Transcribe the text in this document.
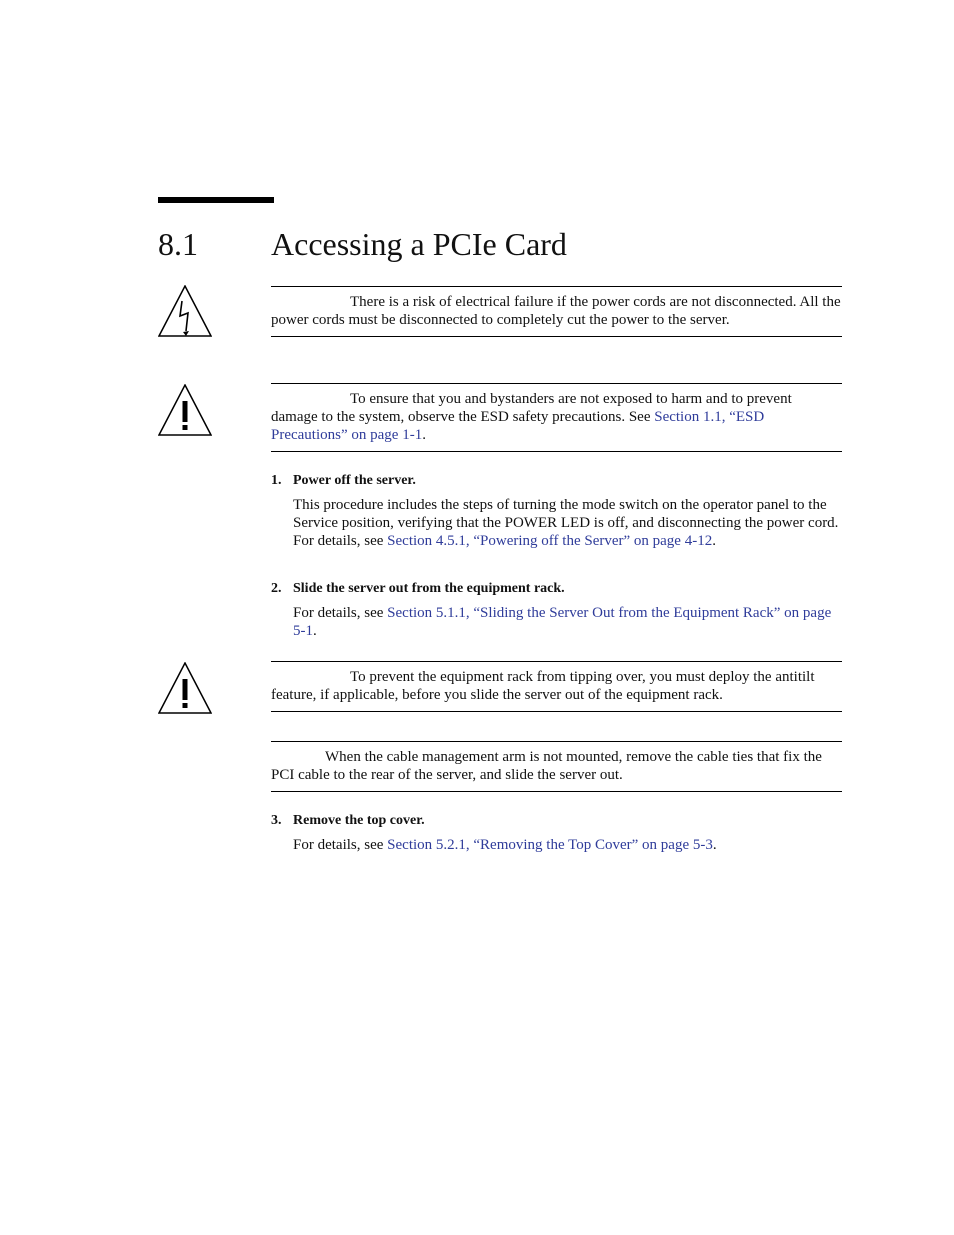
8.1 Accessing a PCIe Card

There is a risk of electrical failure if the power cords are not disconnected. All the power cords must be disconnected to completely cut the power to the server.

To ensure that you and bystanders are not exposed to harm and to prevent damage to the system, observe the ESD safety precautions. See Section 1.1, “ESD Precautions” on page 1-1.

1. Power off the server.
This procedure includes the steps of turning the mode switch on the operator panel to the Service position, verifying that the POWER LED is off, and disconnecting the power cord. For details, see Section 4.5.1, “Powering off the Server” on page 4-12.
2. Slide the server out from the equipment rack.
For details, see Section 5.1.1, “Sliding the Server Out from the Equipment Rack” on page 5-1.

To prevent the equipment rack from tipping over, you must deploy the antitilt feature, if applicable, before you slide the server out of the equipment rack.

When the cable management arm is not mounted, remove the cable ties that fix the PCI cable to the rear of the server, and slide the server out.

3. Remove the top cover.
For details, see Section 5.2.1, “Removing the Top Cover” on page 5-3.
